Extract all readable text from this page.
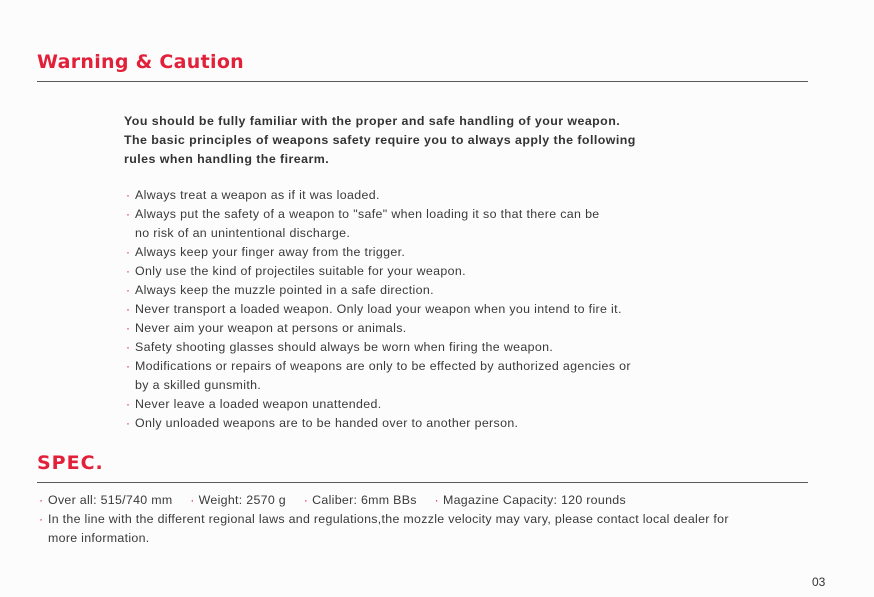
Warning & Caution
You should be fully familiar with the proper and safe handling of your weapon.
The basic principles of weapons safety require you to always apply the following
rules when handling the firearm.
· Always treat a weapon as if it was loaded.
· Always put the safety of a weapon to "safe" when loading it so that there can be
no risk of an unintentional discharge.
· Always keep your finger away from the trigger.
· Only use the kind of projectiles suitable for your weapon.
· Always keep the muzzle pointed in a safe direction.
· Never transport a loaded weapon. Only load your weapon when you intend to fire it.
· Never aim your weapon at persons or animals.
· Safety shooting glasses should always be worn when firing the weapon.
· Modifications or repairs of weapons are only to be effected by authorized agencies or
by a skilled gunsmith.
· Never leave a loaded weapon unattended.
· Only unloaded weapons are to be handed over to another person.
SPEC.
· Over all: 515/740 mm · Weight: 2570 g · Caliber: 6mm BBs · Magazine Capacity: 120 rounds
· In the line with the different regional laws and regulations,the mozzle velocity may vary, please contact local dealer for
more information.
03
